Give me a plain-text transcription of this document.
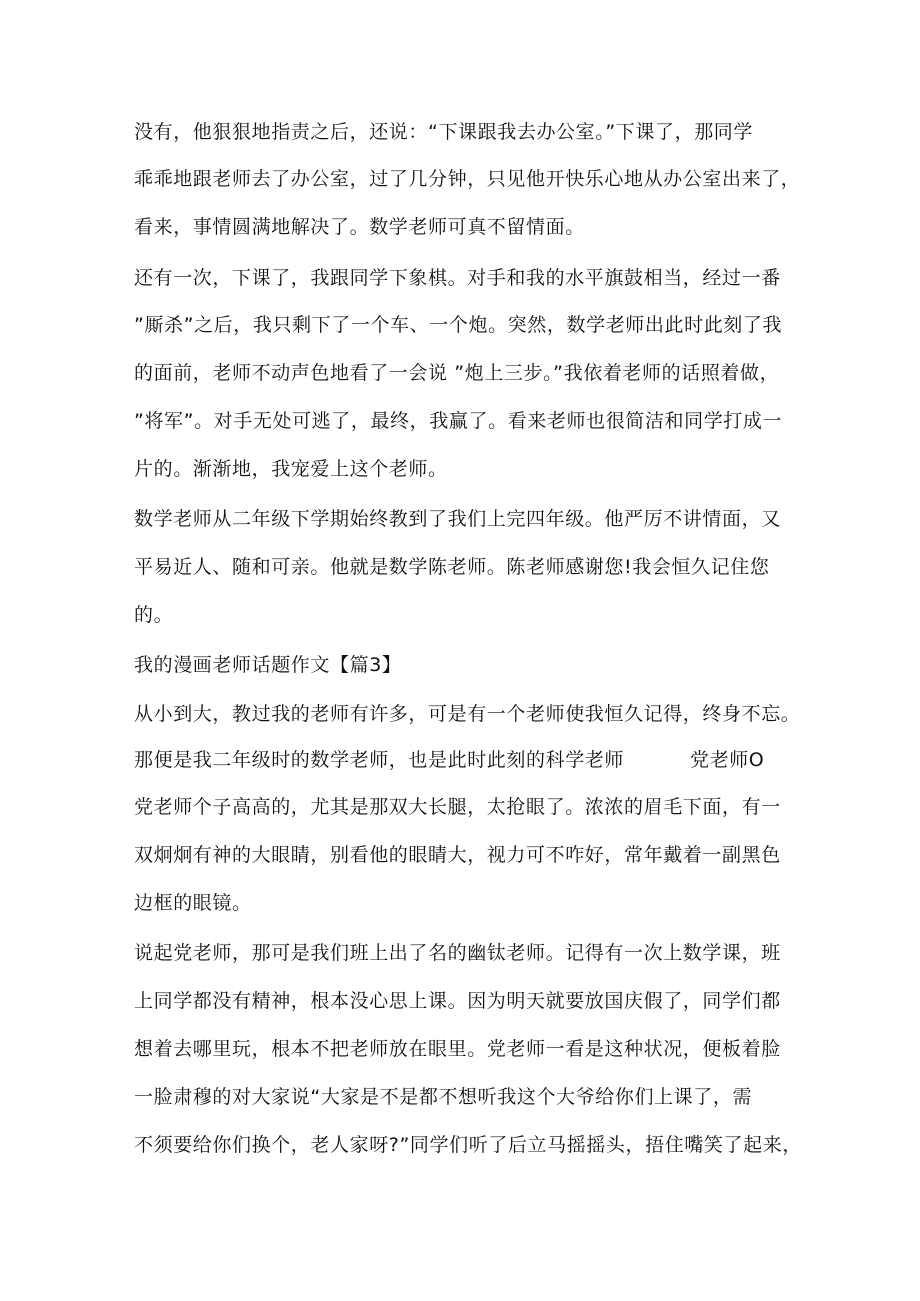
没有，他狠狠地指责之后，还说：“下课跟我去办公室。”下课了，那同学
乖乖地跟老师去了办公室，过了几分钟，只见他开快乐心地从办公室出来了，
看来，事情圆满地解决了。数学老师可真不留情面。
还有一次，下课了，我跟同学下象棋。对手和我的水平旗鼓相当，经过一番
”厮杀”之后，我只剩下了一个车、一个炮。突然，数学老师出此时此刻了我
的面前，老师不动声色地看了一会说 ”炮上三步。”我依着老师的话照着做，
”将军”。对手无处可逃了，最终，我赢了。看来老师也很简洁和同学打成一
片的。渐渐地，我宠爱上这个老师。
数学老师从二年级下学期始终教到了我们上完四年级。他严厉不讲情面，又
平易近人、随和可亲。他就是数学陈老师。陈老师感谢您!我会恒久记住您
的。
我的漫画老师话题作文【篇3】
从小到大，教过我的老师有许多，可是有一个老师使我恒久记得，终身不忘。
那便是我二年级时的数学老师，也是此时此刻的科学老师	党老师O
党老师个子高高的，尤其是那双大长腿，太抢眼了。浓浓的眉毛下面，有一
双炯炯有神的大眼睛，别看他的眼睛大，视力可不咋好，常年戴着一副黑色
边框的眼镜。
说起党老师，那可是我们班上出了名的幽钛老师。记得有一次上数学课，班
上同学都没有精神，根本没心思上课。因为明天就要放国庆假了，同学们都
想着去哪里玩，根本不把老师放在眼里。党老师一看是这种状况，便板着脸
一脸肃穆的对大家说“大家是不是都不想听我这个大爷给你们上课了，需
不须要给你们换个，老人家呀?”同学们听了后立马摇摇头，捂住嘴笑了起来，
